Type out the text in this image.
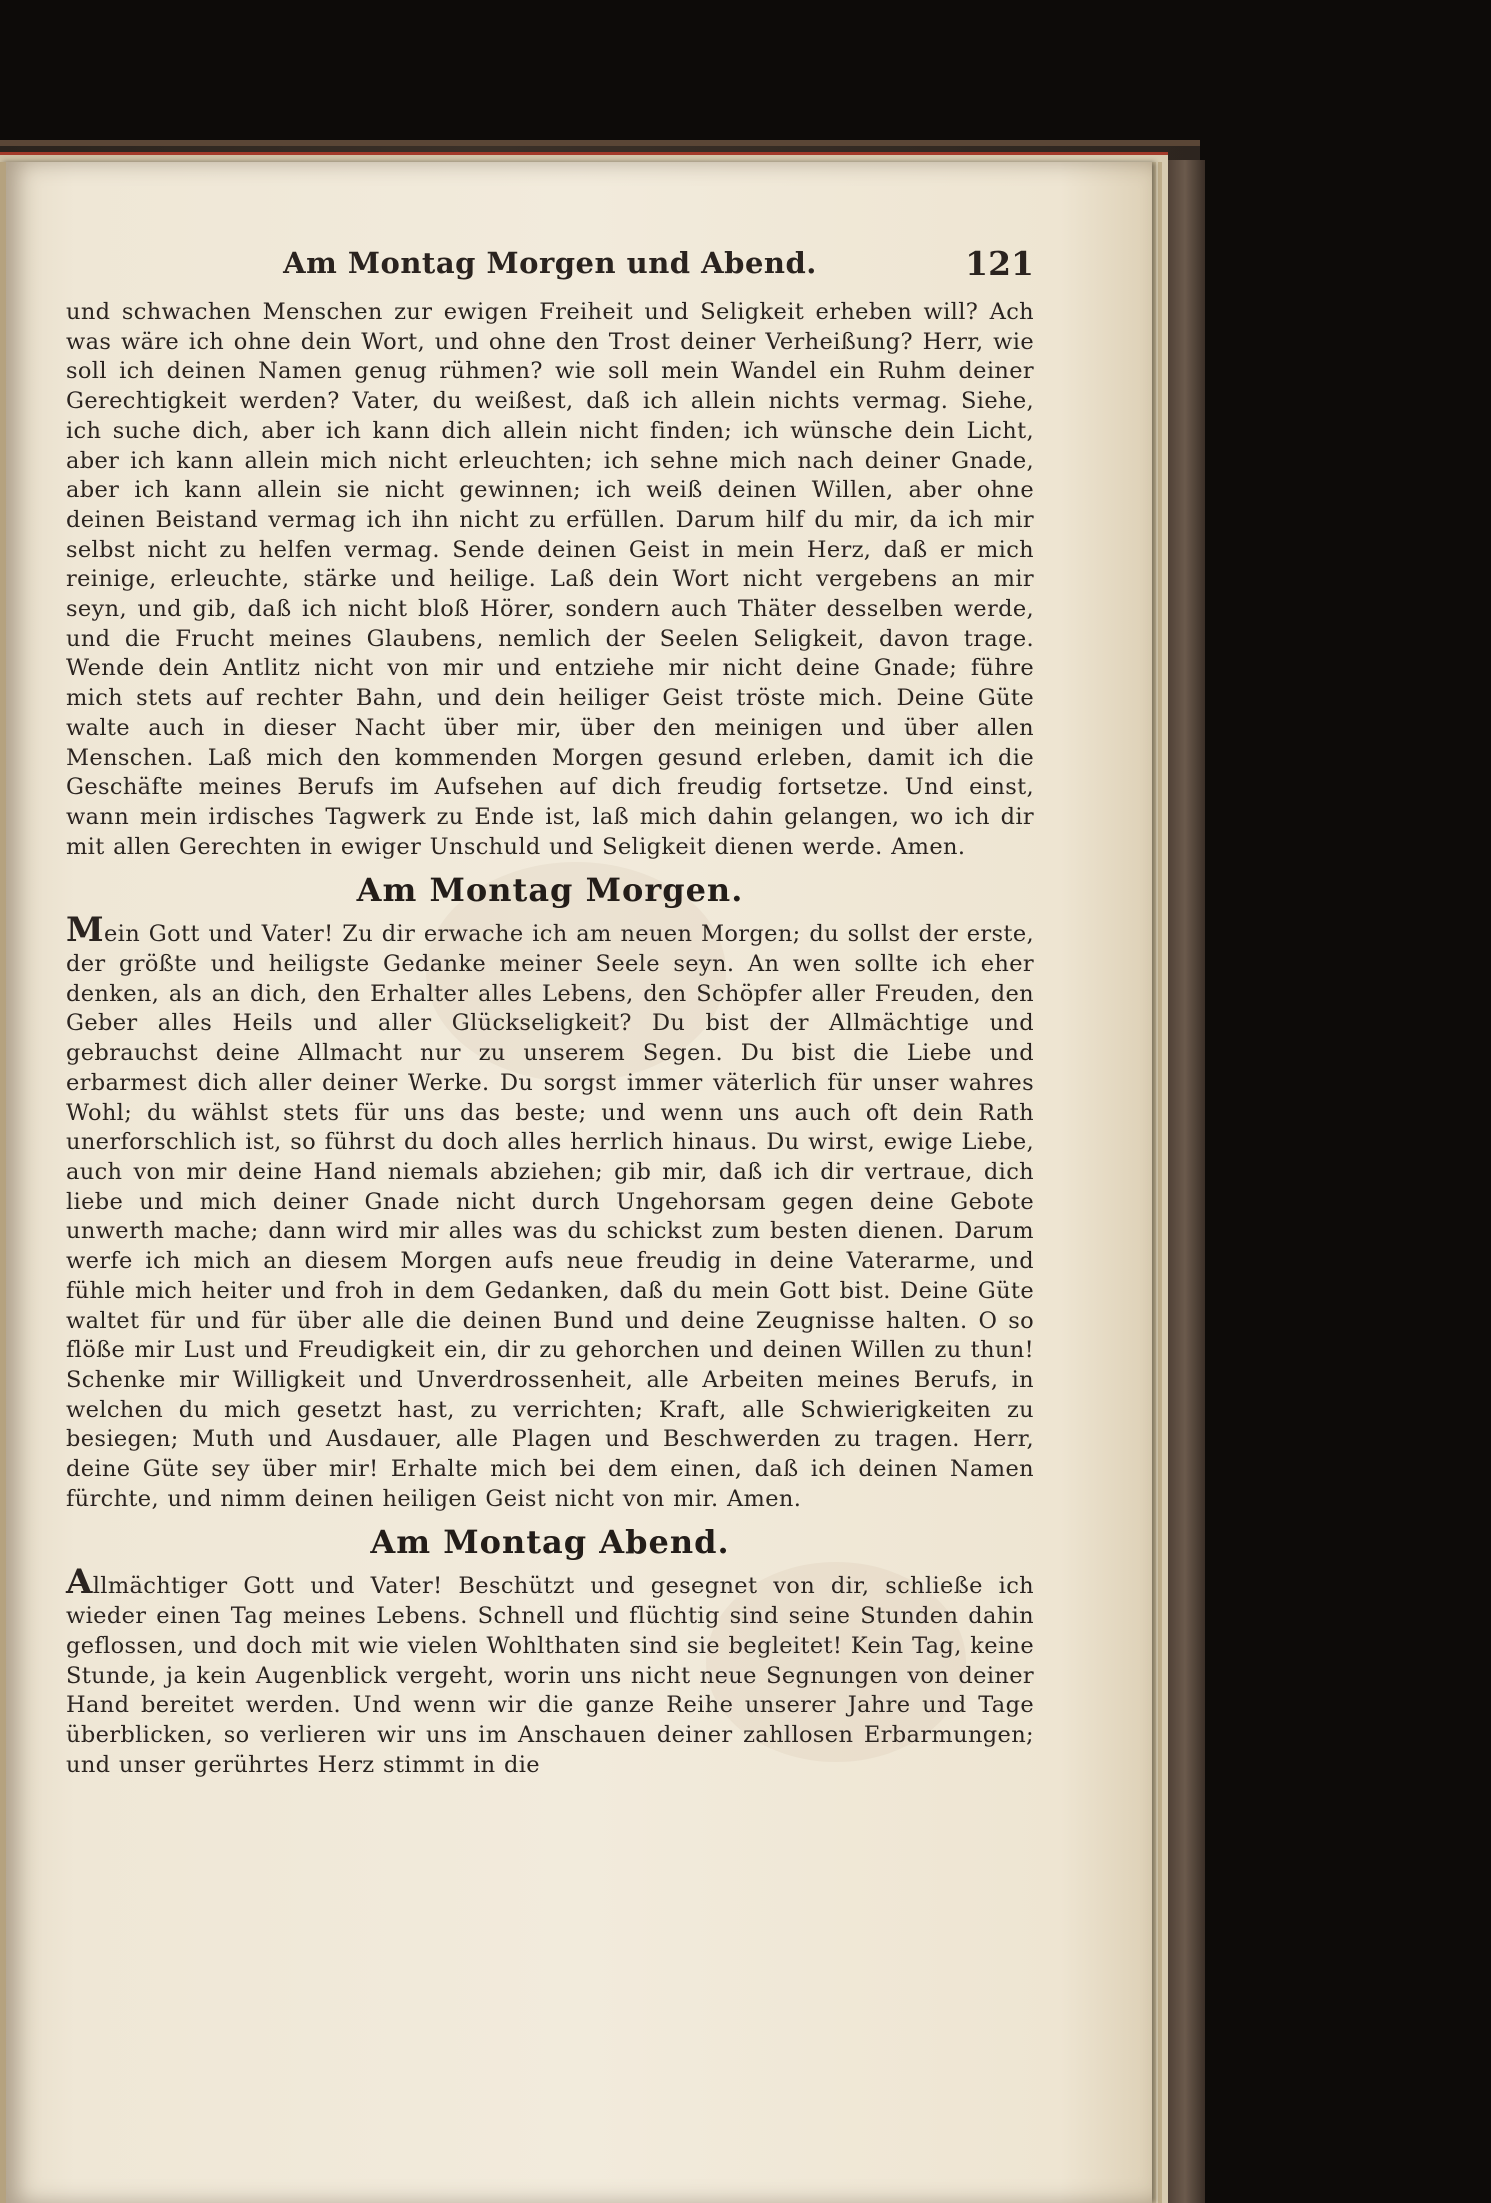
Am Montag Morgen und Abend.	121

und schwachen Menschen zur ewigen Freiheit und Seligkeit erheben will? Ach was wäre ich ohne dein Wort, und ohne den Trost deiner Verheißung? Herr, wie soll ich deinen Namen genug rühmen? wie soll mein Wandel ein Ruhm deiner Gerechtigkeit werden? Vater, du weißest, daß ich allein nichts vermag. Siehe, ich suche dich, aber ich kann dich allein nicht finden; ich wünsche dein Licht, aber ich kann allein mich nicht erleuchten; ich sehne mich nach deiner Gnade, aber ich kann allein sie nicht gewinnen; ich weiß deinen Willen, aber ohne deinen Beistand vermag ich ihn nicht zu erfüllen. Darum hilf du mir, da ich mir selbst nicht zu helfen vermag. Sende deinen Geist in mein Herz, daß er mich reinige, erleuchte, stärke und heilige. Laß dein Wort nicht vergebens an mir seyn, und gib, daß ich nicht bloß Hörer, sondern auch Thäter desselben werde, und die Frucht meines Glaubens, nemlich der Seelen Seligkeit, davon trage. Wende dein Antlitz nicht von mir und entziehe mir nicht deine Gnade; führe mich stets auf rechter Bahn, und dein heiliger Geist tröste mich. Deine Güte walte auch in dieser Nacht über mir, über den meinigen und über allen Menschen. Laß mich den kommenden Morgen gesund erleben, damit ich die Geschäfte meines Berufs im Aufsehen auf dich freudig fortsetze. Und einst, wann mein irdisches Tagwerk zu Ende ist, laß mich dahin gelangen, wo ich dir mit allen Gerechten in ewiger Unschuld und Seligkeit dienen werde. Amen.

Am Montag Morgen.

Mein Gott und Vater! Zu dir erwache ich am neuen Morgen; du sollst der erste, der größte und heiligste Gedanke meiner Seele seyn. An wen sollte ich eher denken, als an dich, den Erhalter alles Lebens, den Schöpfer aller Freuden, den Geber alles Heils und aller Glückseligkeit? Du bist der Allmächtige und gebrauchst deine Allmacht nur zu unserem Segen. Du bist die Liebe und erbarmest dich aller deiner Werke. Du sorgst immer väterlich für unser wahres Wohl; du wählst stets für uns das beste; und wenn uns auch oft dein Rath unerforschlich ist, so führst du doch alles herrlich hinaus. Du wirst, ewige Liebe, auch von mir deine Hand niemals abziehen; gib mir, daß ich dir vertraue, dich liebe und mich deiner Gnade nicht durch Ungehorsam gegen deine Gebote unwerth mache; dann wird mir alles was du schickst zum besten dienen. Darum werfe ich mich an diesem Morgen aufs neue freudig in deine Vaterarme, und fühle mich heiter und froh in dem Gedanken, daß du mein Gott bist. Deine Güte waltet für und für über alle die deinen Bund und deine Zeugnisse halten. O so flöße mir Lust und Freudigkeit ein, dir zu gehorchen und deinen Willen zu thun! Schenke mir Willigkeit und Unverdrossenheit, alle Arbeiten meines Berufs, in welchen du mich gesetzt hast, zu verrichten; Kraft, alle Schwierigkeiten zu besiegen; Muth und Ausdauer, alle Plagen und Beschwerden zu tragen. Herr, deine Güte sey über mir! Erhalte mich bei dem einen, daß ich deinen Namen fürchte, und nimm deinen heiligen Geist nicht von mir. Amen.

Am Montag Abend.

Allmächtiger Gott und Vater! Beschützt und gesegnet von dir, schließe ich wieder einen Tag meines Lebens. Schnell und flüchtig sind seine Stunden dahin geflossen, und doch mit wie vielen Wohlthaten sind sie begleitet! Kein Tag, keine Stunde, ja kein Augenblick vergeht, worin uns nicht neue Segnungen von deiner Hand bereitet werden. Und wenn wir die ganze Reihe unserer Jahre und Tage überblicken, so verlieren wir uns im Anschauen deiner zahllosen Erbarmungen; und unser gerührtes Herz stimmt in die
